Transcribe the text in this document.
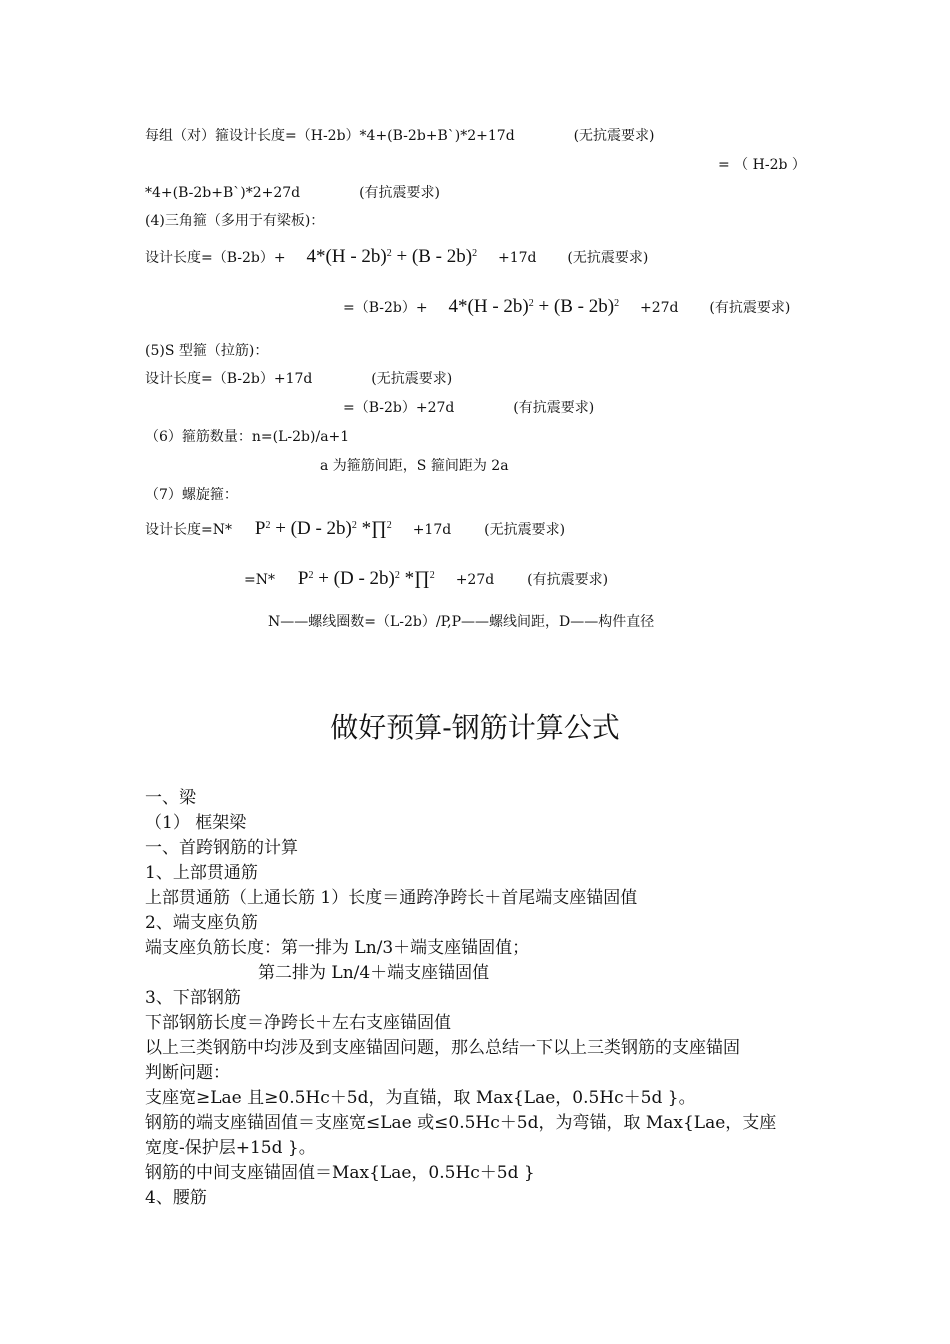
每组（对）箍设计长度=（H-2b）*4+(B-2b+B`)*2+17d	(无抗震要求)
= （ H-2b ）
*4+(B-2b+B`)*2+27d	(有抗震要求)
(4)三角箍（多用于有梁板)：
设计长度=（B-2b）+ 4*(H - 2b)$^2$ + (B - 2b)$^2$ +17d (无抗震要求)
=（B-2b）+ 4*(H - 2b)$^2$ + (B - 2b)$^2$ +27d (有抗震要求)
(5)S 型箍（拉筋)：
设计长度=（B-2b）+17d	(无抗震要求)
=（B-2b）+27d	(有抗震要求)
（6）箍筋数量：n=(L-2b)/a+1
a 为箍筋间距，S 箍间距为 2a
（7）螺旋箍：
设计长度=N* $P^2 + (D - 2b)^2$ *∏$^2$ +17d (无抗震要求)
=N* $P^2 + (D - 2b)^2$ *∏$^2$ +27d (有抗震要求)
N——螺线圈数=（L-2b）/P,P——螺线间距，D——构件直径
做好预算-钢筋计算公式
一、梁
（1） 框架梁
一、首跨钢筋的计算
1、上部贯通筋
上部贯通筋（上通长筋 1）长度＝通跨净跨长＋首尾端支座锚固值
2、端支座负筋
端支座负筋长度：第一排为 Ln/3＋端支座锚固值；
第二排为 Ln/4＋端支座锚固值
3、下部钢筋
下部钢筋长度＝净跨长＋左右支座锚固值
以上三类钢筋中均涉及到支座锚固问题，那么总结一下以上三类钢筋的支座锚固
判断问题：
支座宽≥Lae 且≥0.5Hc＋5d，为直锚，取 Max{Lae，0.5Hc＋5d }。
钢筋的端支座锚固值＝支座宽≤Lae 或≤0.5Hc＋5d，为弯锚，取 Max{Lae，支座
宽度-保护层+15d }。
钢筋的中间支座锚固值＝Max{Lae，0.5Hc＋5d }
4、腰筋
